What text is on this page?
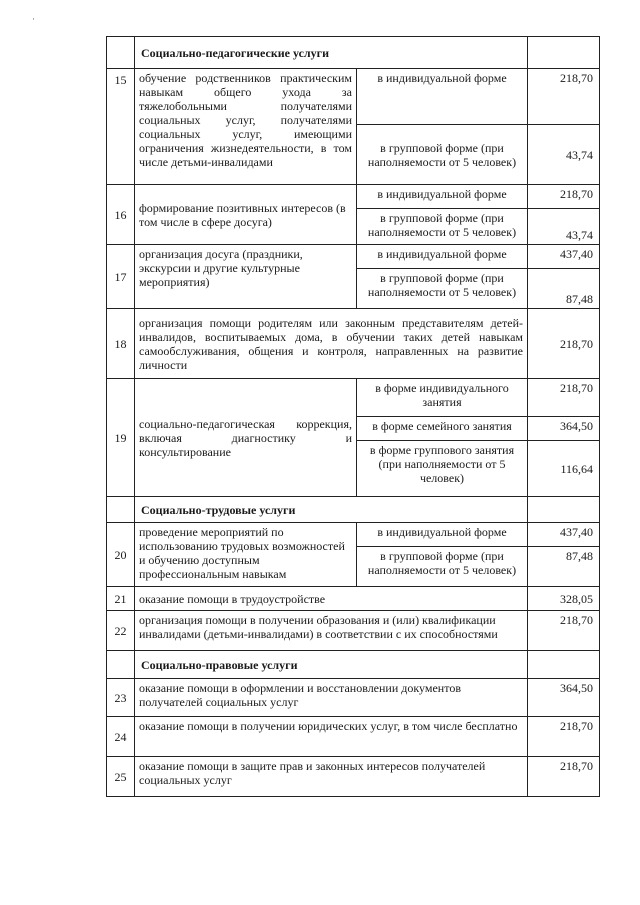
·
	Социально-педагогические услуги		
15	обучение родственников практическим навыкам общего ухода за тяжелобольными получателями социальных услуг, получателями социальных услуг, имеющими ограничения жизнедеятельности, в том числе детьми-инвалидами	в индивидуальной форме	218,70
		в групповой форме (при наполняемости от 5 человек)	43,74
16	формирование позитивных интересов (в том числе в сфере досуга)	в индивидуальной форме	218,70
		в групповой форме (при наполняемости от 5 человек)	43,74
17	организация досуга (праздники, экскурсии и другие культурные мероприятия)	в индивидуальной форме	437,40
		в групповой форме (при наполняемости от 5 человек)	87,48
18	организация помощи родителям или законным представителям детей-инвалидов, воспитываемых дома, в обучении таких детей навыкам самообслуживания, общения и контроля, направленных на развитие личности		218,70
19	социально-педагогическая коррекция, включая диагностику и консультирование	в форме индивидуального занятия	218,70
		в форме семейного занятия	364,50
		в форме группового занятия (при наполняемости от 5 человек)	116,64
	Социально-трудовые услуги		
20	проведение мероприятий по использованию трудовых возможностей и обучению доступным профессиональным навыкам	в индивидуальной форме	437,40
		в групповой форме (при наполняемости от 5 человек)	87,48
21	оказание помощи в трудоустройстве		328,05
22	организация помощи в получении образования и (или) квалификации инвалидами (детьми-инвалидами) в соответствии с их способностями		218,70
	Социально-правовые услуги		
23	оказание помощи в оформлении и восстановлении документов получателей социальных услуг		364,50
24	оказание помощи в получении юридических услуг, в том числе бесплатно		218,70
25	оказание помощи в защите прав и законных интересов получателей социальных услуг		218,70
